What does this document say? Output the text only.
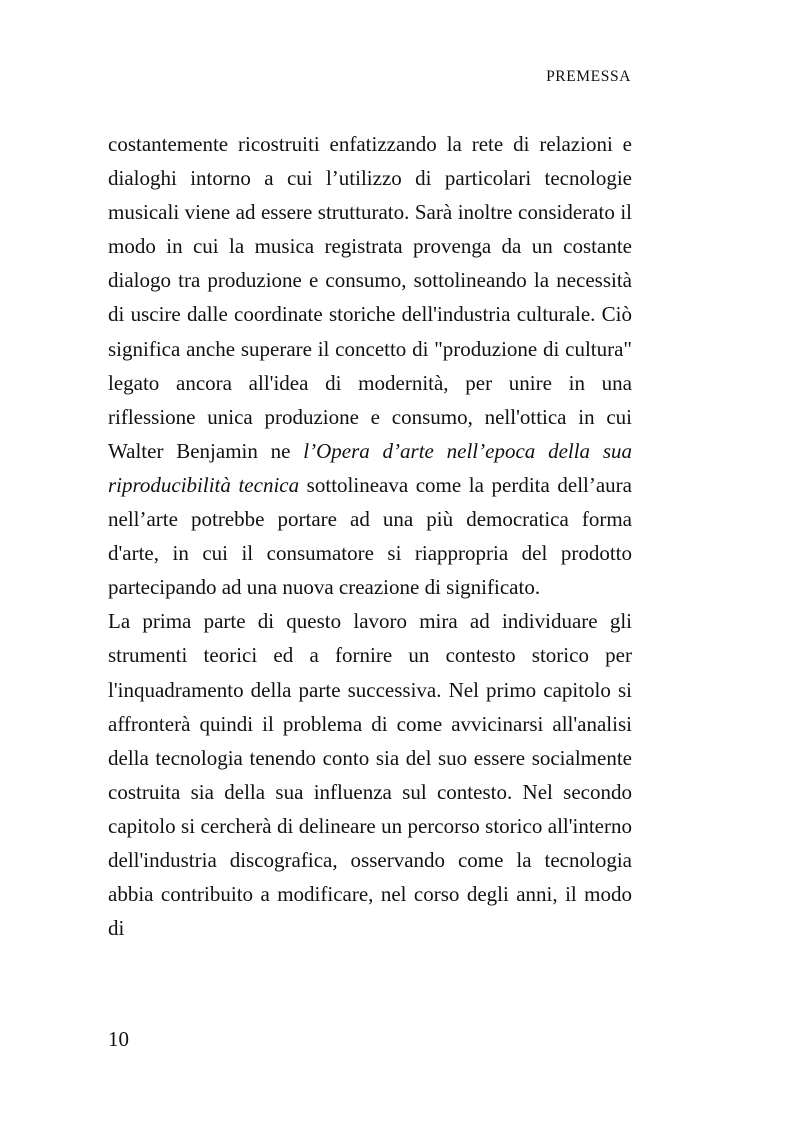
PREMESSA

costantemente ricostruiti enfatizzando la rete di relazioni e dialoghi intorno a cui l’utilizzo di particolari tecnologie musicali viene ad essere strutturato. Sarà inoltre considerato il modo in cui la musica registrata provenga da un costante dialogo tra produzione e consumo, sottolineando la necessità di uscire dalle coordinate storiche dell'industria culturale. Ciò significa anche superare il concetto di "produzione di cultura" legato ancora all'idea di modernità, per unire in una riflessione unica produzione e consumo, nell'ottica in cui Walter Benjamin ne l’Opera d’arte nell’epoca della sua riproducibilità tecnica sottolineava come la perdita dell’aura nell’arte potrebbe portare ad una più democratica forma d'arte, in cui il consumatore si riappropria del prodotto partecipando ad una nuova creazione di significato.

La prima parte di questo lavoro mira ad individuare gli strumenti teorici ed a fornire un contesto storico per l'inquadramento della parte successiva. Nel primo capitolo si affronterà quindi il problema di come avvicinarsi all'analisi della tecnologia tenendo conto sia del suo essere socialmente costruita sia della sua influenza sul contesto. Nel secondo capitolo si cercherà di delineare un percorso storico all'interno dell'industria discografica, osservando come la tecnologia abbia contribuito a modificare, nel corso degli anni, il modo di

10
